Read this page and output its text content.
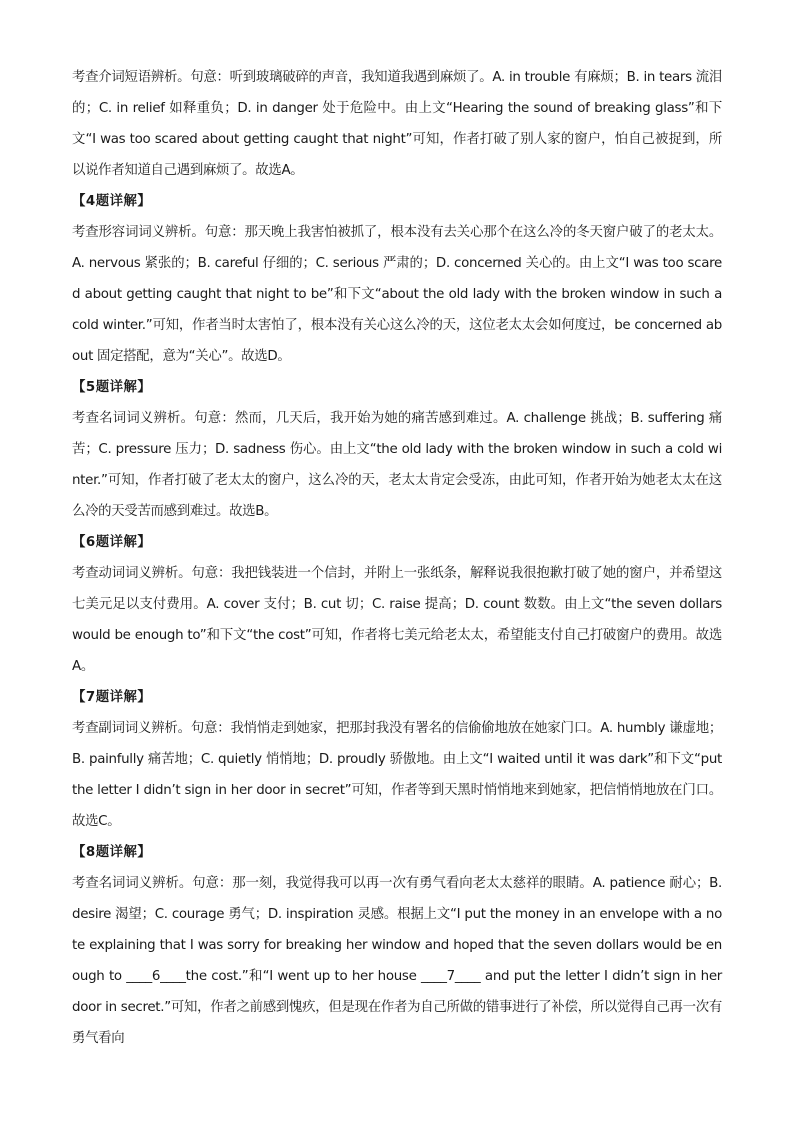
考查介词短语辨析。句意：听到玻璃破碎的声音，我知道我遇到麻烦了。A. in trouble 有麻烦；B. in tears 流泪的；C. in relief 如释重负；D. in danger 处于危险中。由上文“Hearing the sound of breaking glass”和下文“I was too scared about getting caught that night”可知，作者打破了别人家的窗户，怕自己被捉到，所以说作者知道自己遇到麻烦了。故选A。

【4题详解】

考查形容词词义辨析。句意：那天晚上我害怕被抓了，根本没有去关心那个在这么冷的冬天窗户破了的老太太。A. nervous 紧张的；B. careful 仔细的；C. serious 严肃的；D. concerned 关心的。由上文“I was too scared about getting caught that night to be”和下文“about the old lady with the broken window in such a cold winter.”可知，作者当时太害怕了，根本没有关心这么冷的天，这位老太太会如何度过，be concerned about 固定搭配，意为“关心”。故选D。

【5题详解】

考查名词词义辨析。句意：然而，几天后，我开始为她的痛苦感到难过。A. challenge 挑战；B. suffering 痛苦；C. pressure 压力；D. sadness 伤心。由上文“the old lady with the broken window in such a cold winter.”可知，作者打破了老太太的窗户，这么冷的天，老太太肯定会受冻，由此可知，作者开始为她老太太在这么冷的天受苦而感到难过。故选B。

【6题详解】

考查动词词义辨析。句意：我把钱装进一个信封，并附上一张纸条，解释说我很抱歉打破了她的窗户，并希望这七美元足以支付费用。A. cover 支付；B. cut 切；C. raise 提高；D. count 数数。由上文“the seven dollars would be enough to”和下文“the cost”可知，作者将七美元给老太太，希望能支付自己打破窗户的费用。故选A。

【7题详解】

考查副词词义辨析。句意：我悄悄走到她家，把那封我没有署名的信偷偷地放在她家门口。A. humbly 谦虚地；B. painfully 痛苦地；C. quietly 悄悄地；D. proudly 骄傲地。由上文“I waited until it was dark”和下文“put the letter I didn’t sign in her door in secret”可知，作者等到天黑时悄悄地来到她家，把信悄悄地放在门口。故选C。

【8题详解】

考查名词词义辨析。句意：那一刻，我觉得我可以再一次有勇气看向老太太慈祥的眼睛。A. patience 耐心；B. desire 渴望；C. courage 勇气；D. inspiration 灵感。根据上文“I put the money in an envelope with a note explaining that I was sorry for breaking her window and hoped that the seven dollars would be enough to ____6____the cost.”和“I went up to her house ____7____ and put the letter I didn’t sign in her door in secret.”可知，作者之前感到愧疚，但是现在作者为自己所做的错事进行了补偿，所以觉得自己再一次有勇气看向
